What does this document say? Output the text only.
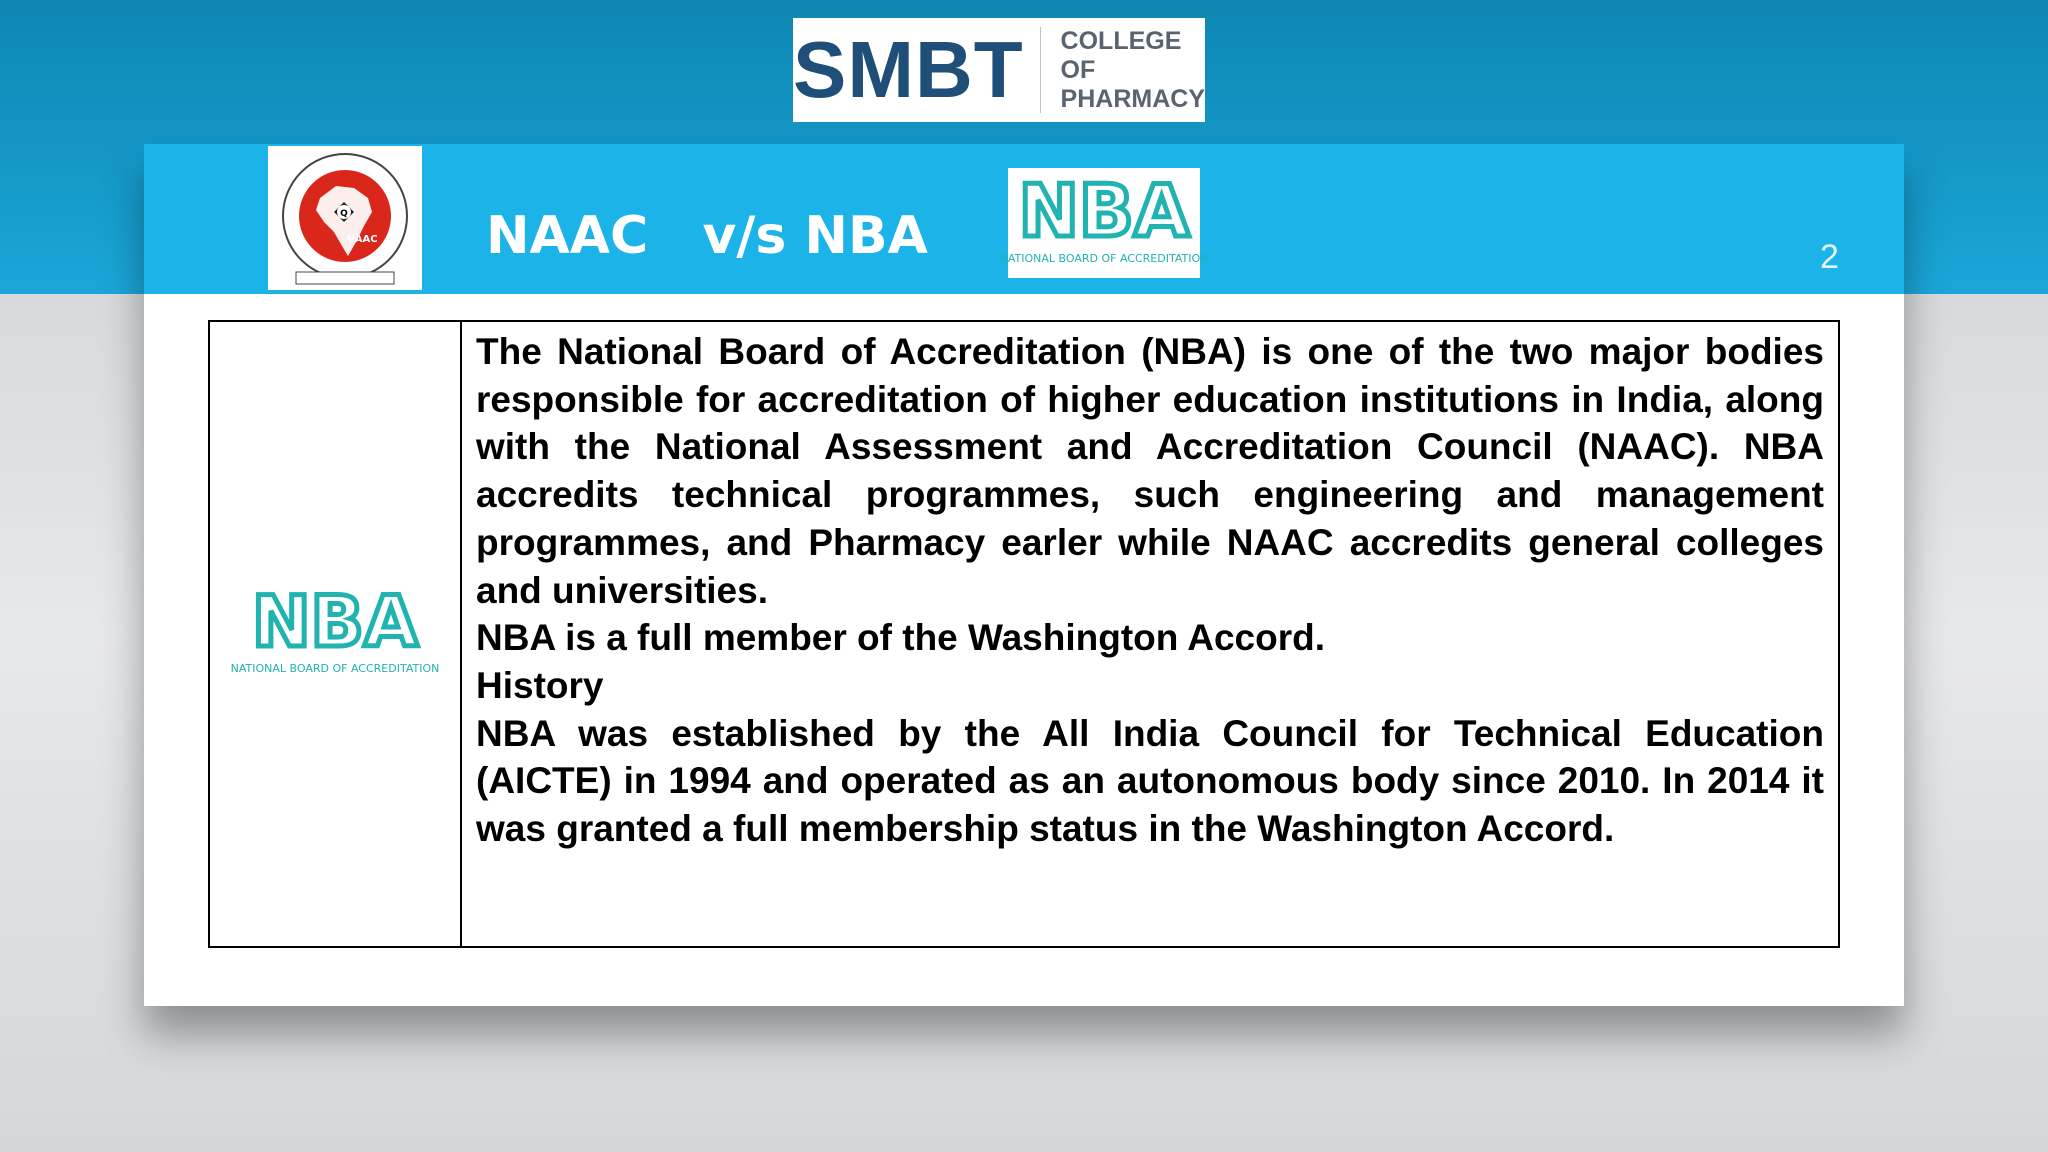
SMBT COLLEGE OF
PHARMACY
Q
NAAC NAAC   v/s NBA NBA
NATIONAL BOARD OF ACCREDITATION	2
NBA
NATIONAL BOARD OF ACCREDITATION

The National Board of Accreditation (NBA) is one of the two major bodies responsible for accreditation of higher education institutions in India, along with the National Assessment and Accreditation Council (NAAC). NBA accredits technical programmes, such engineering and management programmes, and Pharmacy earler while NAAC accredits general colleges and universities.

NBA is a full member of the Washington Accord.

History

NBA was established by the All India Council for Technical Education (AICTE) in 1994 and operated as an autonomous body since 2010. In 2014 it was granted a full membership status in the Washington Accord.
